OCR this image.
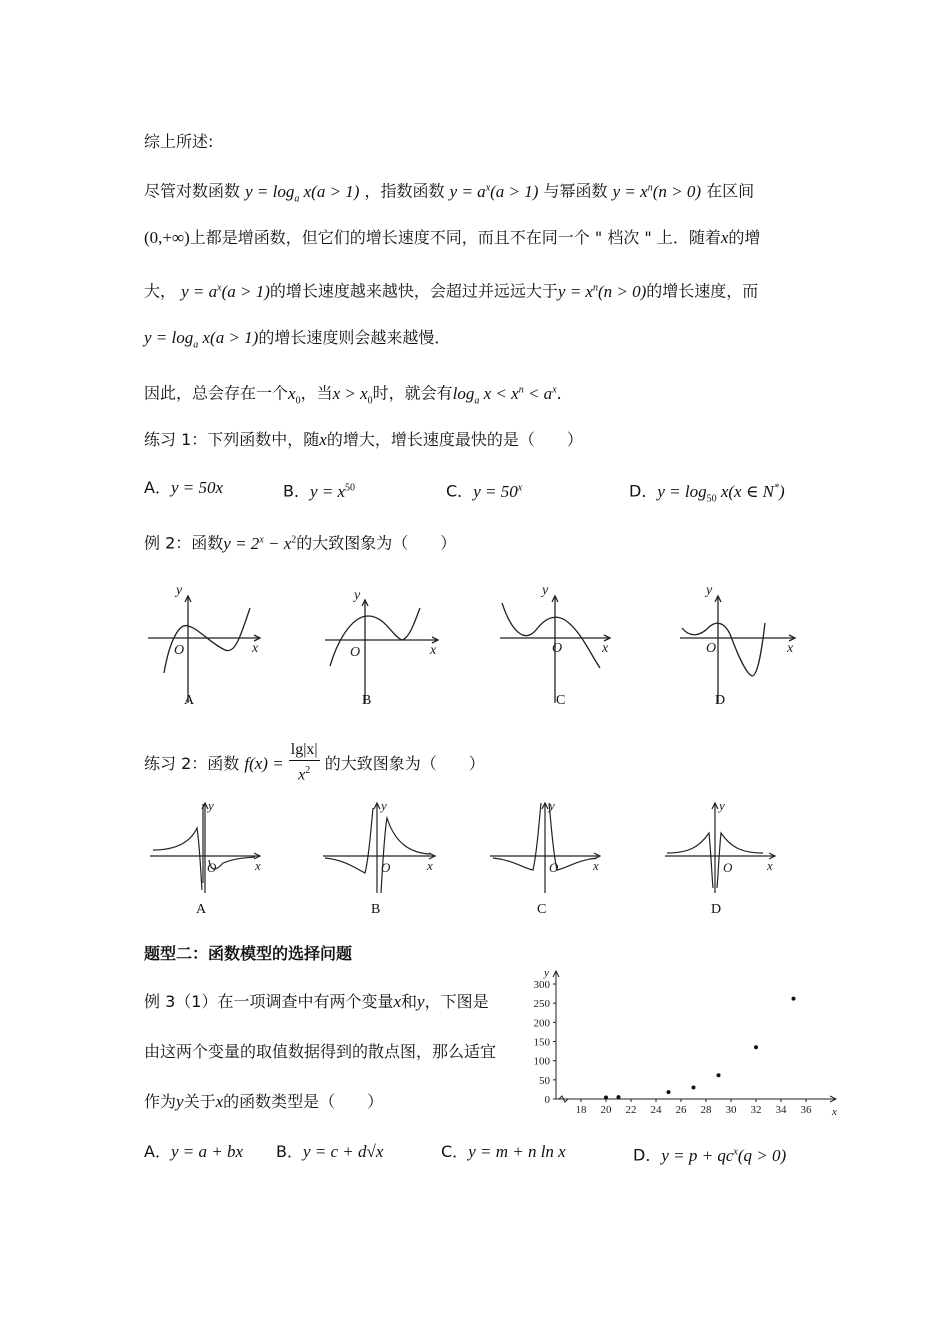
综上所述:
尽管对数函数 $y = \log_a x(a > 1)$ ，指数函数 $y = a^x(a > 1)$ 与幂函数 $y = x^n(n > 0)$ 在区间
(0,+∞)上都是增函数，但它们的增长速度不同，而且不在同一个 " 档次 " 上．随着x的增
大， $y = a^x(a > 1)$的增长速度越来越快，会超过并远远大于$y = x^n(n > 0)$的增长速度，而
$y = \log_a x(a > 1)$的增长速度则会越来越慢．
因此，总会存在一个$x_0$，当$x > x_0$时，就会有$\log_a x < x^n < a^x$．
练习 1：下列函数中，随x的增大，增长速度最快的是（　　）
A．y = 50x	B．$y = x^{50}$	C．$y = 50^x$	D．$y = \log_{50} x(x$ ∈ N*)
例 2：函数$y = 2^x - x^2$的大致图象为（　　）
y
x
O
y
x
O
y
x
O
y
x
O
A	B	C	D
练习 2：函数 $f(x) = \frac{\lg|x|}{x^2}$ 的大致图象为（　　）
y
x
O
y
x
O
y
x
O
y
x
O
A	B	C	D
题型二：函数模型的选择问题
例 3（1）在一项调查中有两个变量x和y，下图是
由这两个变量的取值数据得到的散点图，那么适宜
作为y关于x的函数类型是（　　）	0
50
100
150
200
250
300
18 20 22 24 26 28 30 32 34 36
y
x
A．y = a + bx B．y = c + d√x	C．y = m + n ln x	D．$y = p + qc^x(q > 0)$
